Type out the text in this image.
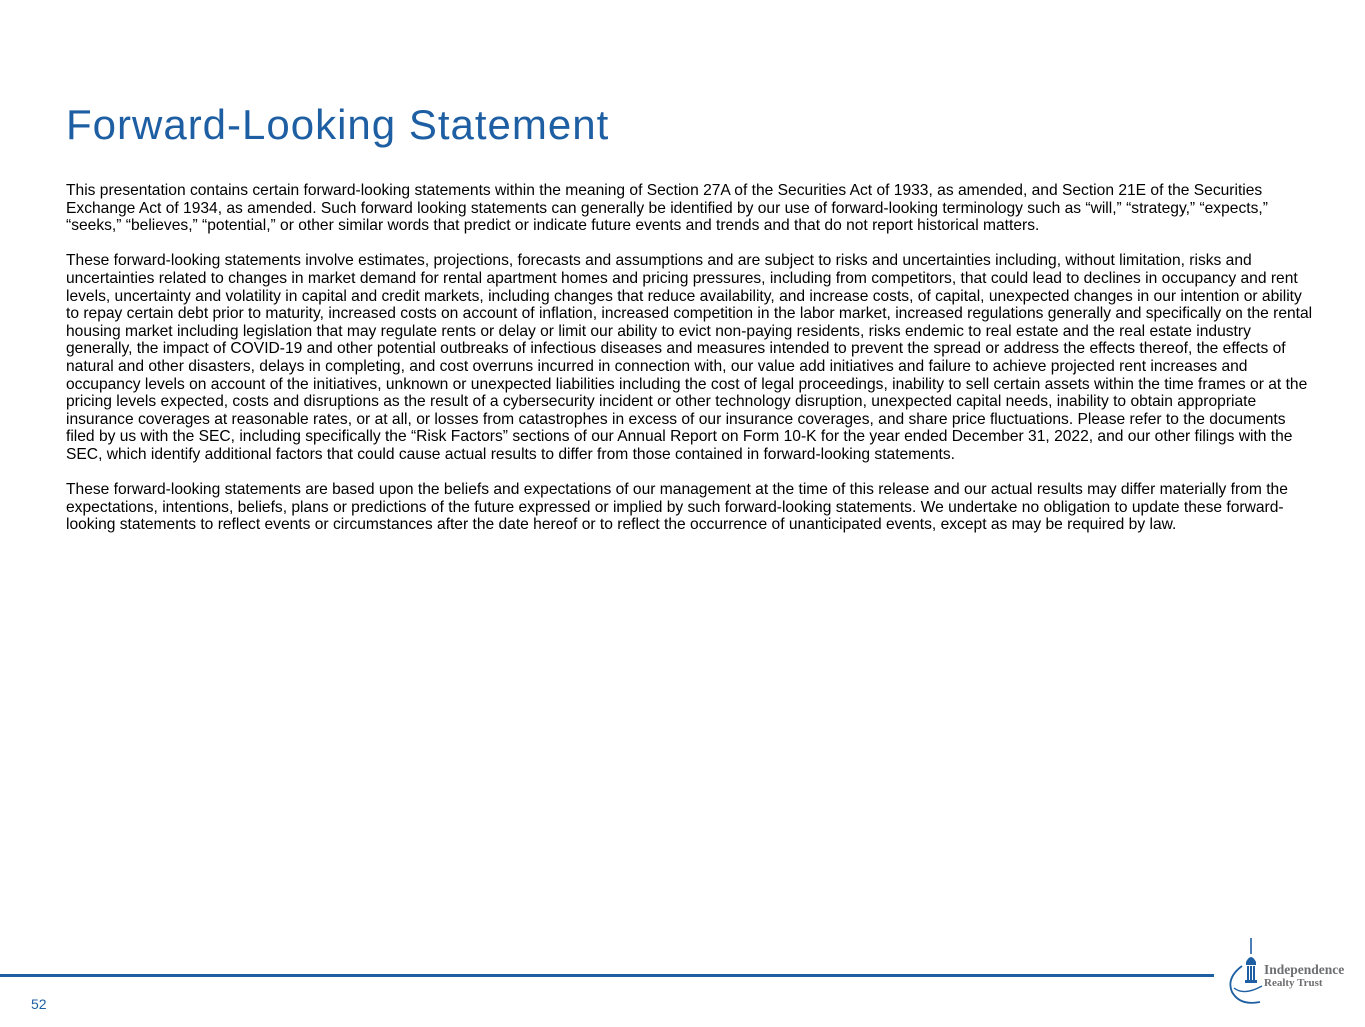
Forward-Looking Statement

This presentation contains certain forward-looking statements within the meaning of Section 27A of the Securities Act of 1933, as amended, and Section 21E of the Securities Exchange Act of 1934, as amended. Such forward looking statements can generally be identified by our use of forward-looking terminology such as “will,” “strategy,” “expects,” “seeks,” “believes,” “potential,” or other similar words that predict or indicate future events and trends and that do not report historical matters.

These forward-looking statements involve estimates, projections, forecasts and assumptions and are subject to risks and uncertainties including, without limitation, risks and uncertainties related to changes in market demand for rental apartment homes and pricing pressures, including from competitors, that could lead to declines in occupancy and rent levels, uncertainty and volatility in capital and credit markets, including changes that reduce availability, and increase costs, of capital, unexpected changes in our intention or ability to repay certain debt prior to maturity, increased costs on account of inflation, increased competition in the labor market, increased regulations generally and specifically on the rental housing market including legislation that may regulate rents or delay or limit our ability to evict non-paying residents, risks endemic to real estate and the real estate industry generally, the impact of COVID-19 and other potential outbreaks of infectious diseases and measures intended to prevent the spread or address the effects thereof, the effects of natural and other disasters, delays in completing, and cost overruns incurred in connection with, our value add initiatives and failure to achieve projected rent increases and occupancy levels on account of the initiatives, unknown or unexpected liabilities including the cost of legal proceedings, inability to sell certain assets within the time frames or at the pricing levels expected, costs and disruptions as the result of a cybersecurity incident or other technology disruption, unexpected capital needs, inability to obtain appropriate insurance coverages at reasonable rates, or at all, or losses from catastrophes in excess of our insurance coverages, and share price fluctuations. Please refer to the documents filed by us with the SEC, including specifically the “Risk Factors” sections of our Annual Report on Form 10-K for the year ended December 31, 2022, and our other filings with the SEC, which identify additional factors that could cause actual results to differ from those contained in forward-looking statements.

These forward-looking statements are based upon the beliefs and expectations of our management at the time of this release and our actual results may differ materially from the expectations, intentions, beliefs, plans or predictions of the future expressed or implied by such forward-looking statements. We undertake no obligation to update these forward-looking statements to reflect events or circumstances after the date hereof or to reflect the occurrence of unanticipated events, except as may be required by law.

52
Independence
Realty Trust
